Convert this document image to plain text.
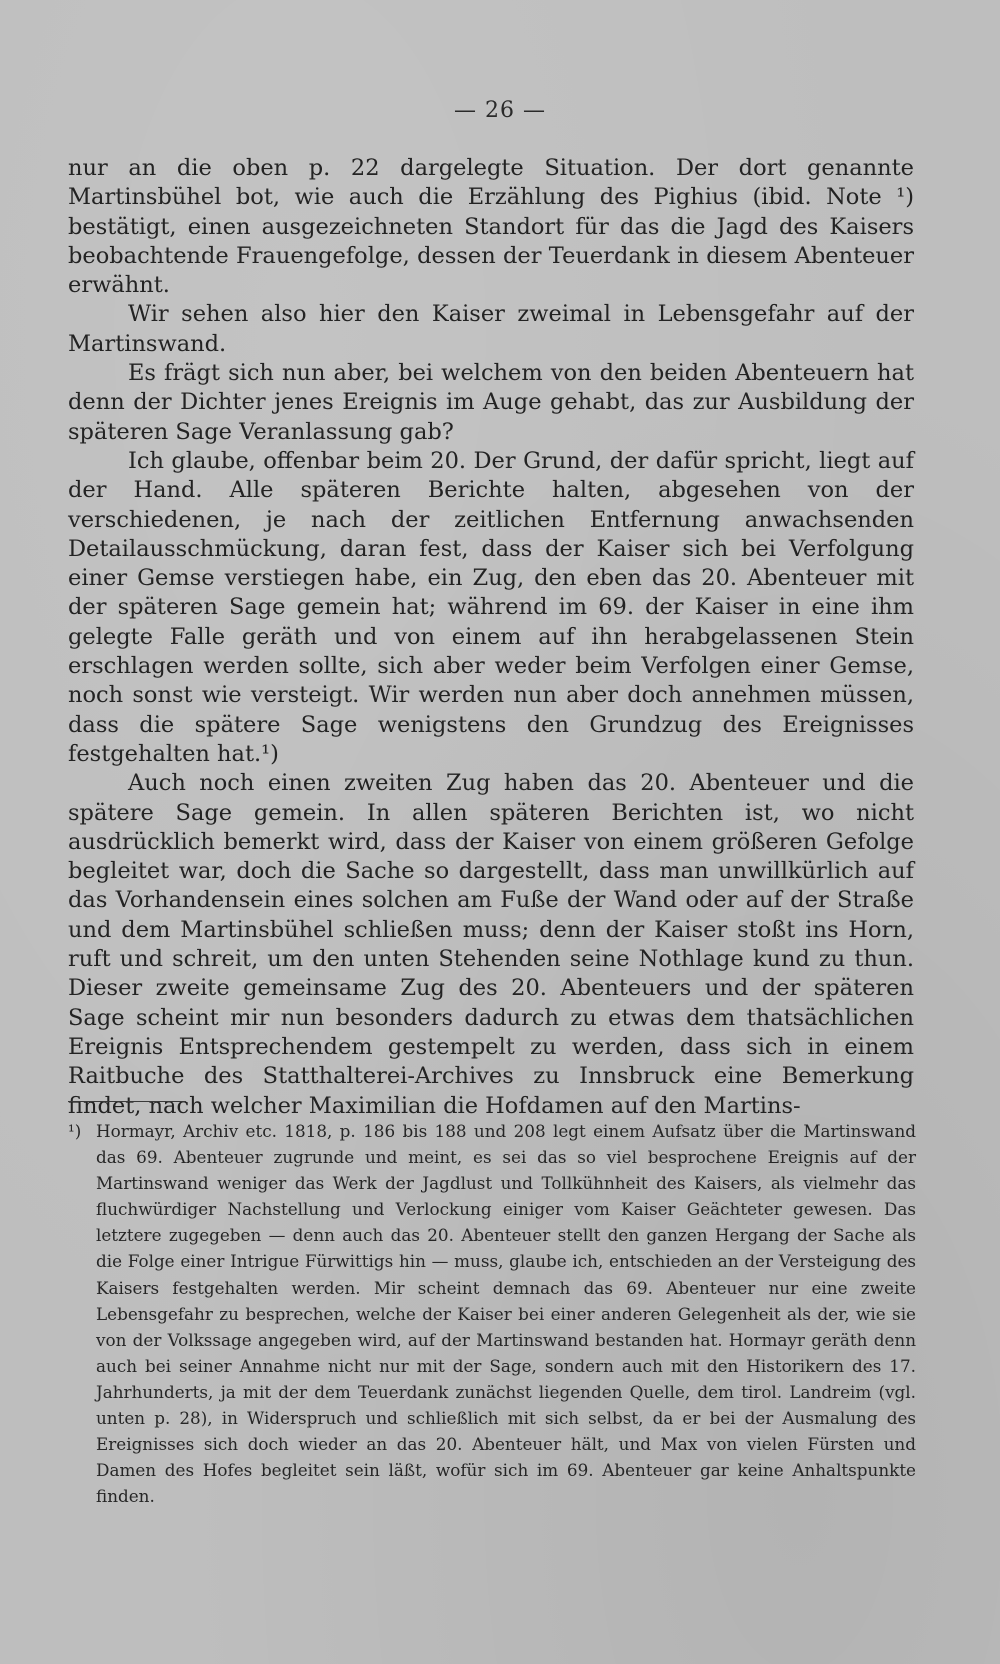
— 26 —

nur an die oben p. 22 dargelegte Situation. Der dort genannte Martinsbühel bot, wie auch die Erzählung des Pighius (ibid. Note ¹) bestätigt, einen ausgezeichneten Standort für das die Jagd des Kaisers beobachtende Frauengefolge, dessen der Teuerdank in diesem Abenteuer erwähnt.

Wir sehen also hier den Kaiser zweimal in Lebensgefahr auf der Martinswand.

Es frägt sich nun aber, bei welchem von den beiden Abenteuern hat denn der Dichter jenes Ereignis im Auge gehabt, das zur Ausbildung der späteren Sage Veranlassung gab?

Ich glaube, offenbar beim 20. Der Grund, der dafür spricht, liegt auf der Hand. Alle späteren Berichte halten, abgesehen von der verschiedenen, je nach der zeitlichen Entfernung anwachsenden Detailausschmückung, daran fest, dass der Kaiser sich bei Verfolgung einer Gemse verstiegen habe, ein Zug, den eben das 20. Abenteuer mit der späteren Sage gemein hat; während im 69. der Kaiser in eine ihm gelegte Falle geräth und von einem auf ihn herabgelassenen Stein erschlagen werden sollte, sich aber weder beim Verfolgen einer Gemse, noch sonst wie versteigt. Wir werden nun aber doch annehmen müssen, dass die spätere Sage wenigstens den Grundzug des Ereignisses festgehalten hat.¹)

Auch noch einen zweiten Zug haben das 20. Abenteuer und die spätere Sage gemein. In allen späteren Berichten ist, wo nicht ausdrücklich bemerkt wird, dass der Kaiser von einem größeren Gefolge begleitet war, doch die Sache so dargestellt, dass man unwillkürlich auf das Vorhandensein eines solchen am Fuße der Wand oder auf der Straße und dem Martinsbühel schließen muss; denn der Kaiser stoßt ins Horn, ruft und schreit, um den unten Stehenden seine Nothlage kund zu thun. Dieser zweite gemeinsame Zug des 20. Abenteuers und der späteren Sage scheint mir nun besonders dadurch zu etwas dem thatsächlichen Ereignis Entsprechendem gestempelt zu werden, dass sich in einem Raitbuche des Statthalterei-Archives zu Innsbruck eine Bemerkung findet, nach welcher Maximilian die Hofdamen auf den Martins-

¹) Hormayr, Archiv etc. 1818, p. 186 bis 188 und 208 legt einem Aufsatz über die Martinswand das 69. Abenteuer zugrunde und meint, es sei das so viel besprochene Ereignis auf der Martinswand weniger das Werk der Jagdlust und Tollkühnheit des Kaisers, als vielmehr das fluchwürdiger Nachstellung und Verlockung einiger vom Kaiser Geächteter gewesen. Das letztere zugegeben — denn auch das 20. Abenteuer stellt den ganzen Hergang der Sache als die Folge einer Intrigue Fürwittigs hin — muss, glaube ich, entschieden an der Versteigung des Kaisers festgehalten werden. Mir scheint demnach das 69. Abenteuer nur eine zweite Lebensgefahr zu besprechen, welche der Kaiser bei einer anderen Gelegenheit als der, wie sie von der Volkssage angegeben wird, auf der Martinswand bestanden hat. Hormayr geräth denn auch bei seiner Annahme nicht nur mit der Sage, sondern auch mit den Historikern des 17. Jahrhunderts, ja mit der dem Teuerdank zunächst liegenden Quelle, dem tirol. Landreim (vgl. unten p. 28), in Widerspruch und schließlich mit sich selbst, da er bei der Ausmalung des Ereignisses sich doch wieder an das 20. Abenteuer hält, und Max von vielen Fürsten und Damen des Hofes begleitet sein läßt, wofür sich im 69. Abenteuer gar keine Anhaltspunkte finden.
